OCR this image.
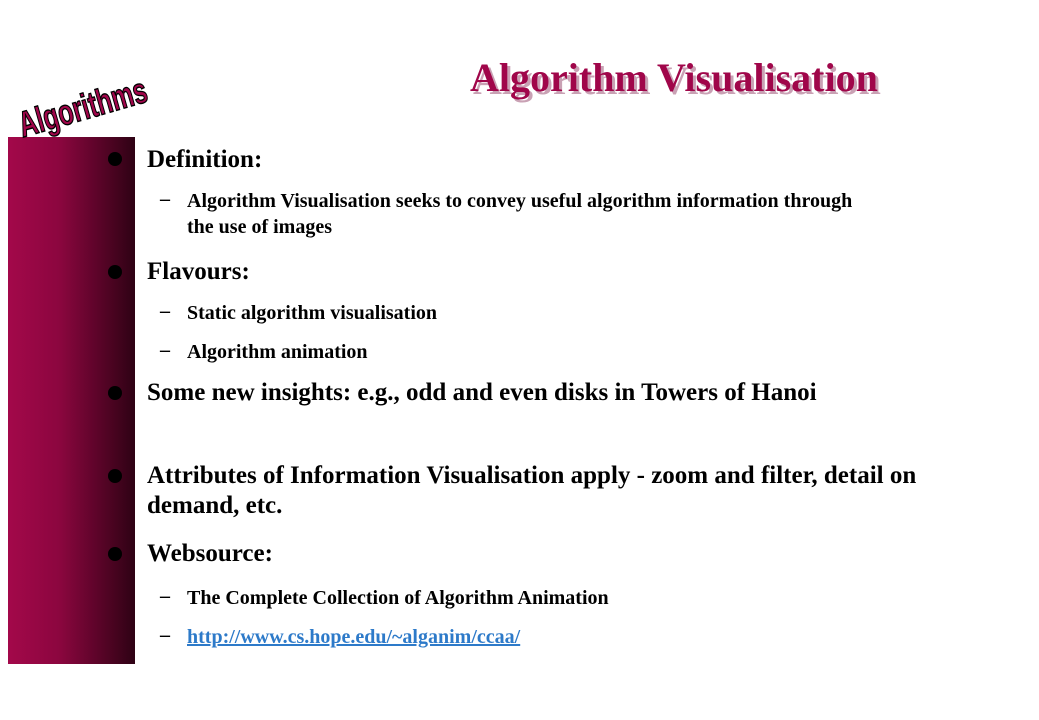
Algorithms	Algorithm Visualisation
Definition:
– Algorithm Visualisation seeks to convey useful algorithm information through the use of images
Flavours:
– Static algorithm visualisation
– Algorithm animation
Some new insights: e.g., odd and even disks in Towers of Hanoi
Attributes of Information Visualisation apply - zoom and filter, detail on demand, etc.
Websource:
– The Complete Collection of Algorithm Animation
– http://www.cs.hope.edu/~alganim/ccaa/
